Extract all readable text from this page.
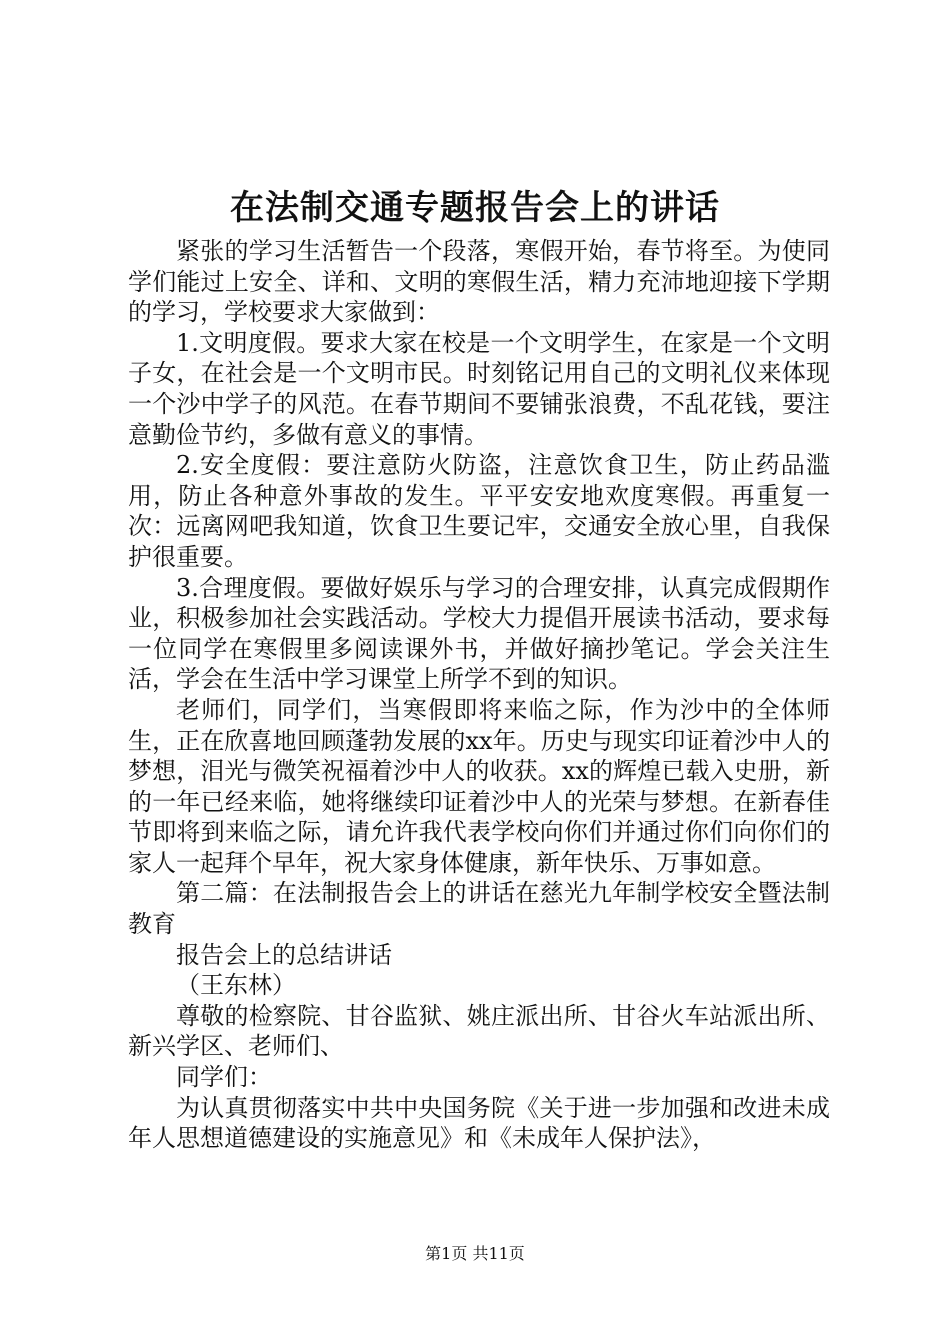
在法制交通专题报告会上的讲话

紧张的学习生活暂告一个段落，寒假开始，春节将至。为使同学们能过上安全、详和、文明的寒假生活，精力充沛地迎接下学期的学习，学校要求大家做到：

1.文明度假。要求大家在校是一个文明学生，在家是一个文明子女，在社会是一个文明市民。时刻铭记用自己的文明礼仪来体现一个沙中学子的风范。在春节期间不要铺张浪费，不乱花钱，要注意勤俭节约，多做有意义的事情。

2.安全度假：要注意防火防盗，注意饮食卫生，防止药品滥用，防止各种意外事故的发生。平平安安地欢度寒假。再重复一次：远离网吧我知道，饮食卫生要记牢，交通安全放心里，自我保护很重要。

3.合理度假。要做好娱乐与学习的合理安排，认真完成假期作业，积极参加社会实践活动。学校大力提倡开展读书活动，要求每一位同学在寒假里多阅读课外书，并做好摘抄笔记。学会关注生活，学会在生活中学习课堂上所学不到的知识。

老师们，同学们，当寒假即将来临之际，作为沙中的全体师生，正在欣喜地回顾蓬勃发展的xx年。历史与现实印证着沙中人的梦想，泪光与微笑祝福着沙中人的收获。xx的辉煌已载入史册，新的一年已经来临，她将继续印证着沙中人的光荣与梦想。在新春佳节即将到来临之际，请允许我代表学校向你们并通过你们向你们的家人一起拜个早年，祝大家身体健康，新年快乐、万事如意。

第二篇：在法制报告会上的讲话在慈光九年制学校安全暨法制教育

报告会上的总结讲话

（王东林）

尊敬的检察院、甘谷监狱、姚庄派出所、甘谷火车站派出所、新兴学区、老师们、

同学们：

为认真贯彻落实中共中央国务院《关于进一步加强和改进未成年人思想道德建设的实施意见》和《未成年人保护法》，

第1页 共11页
